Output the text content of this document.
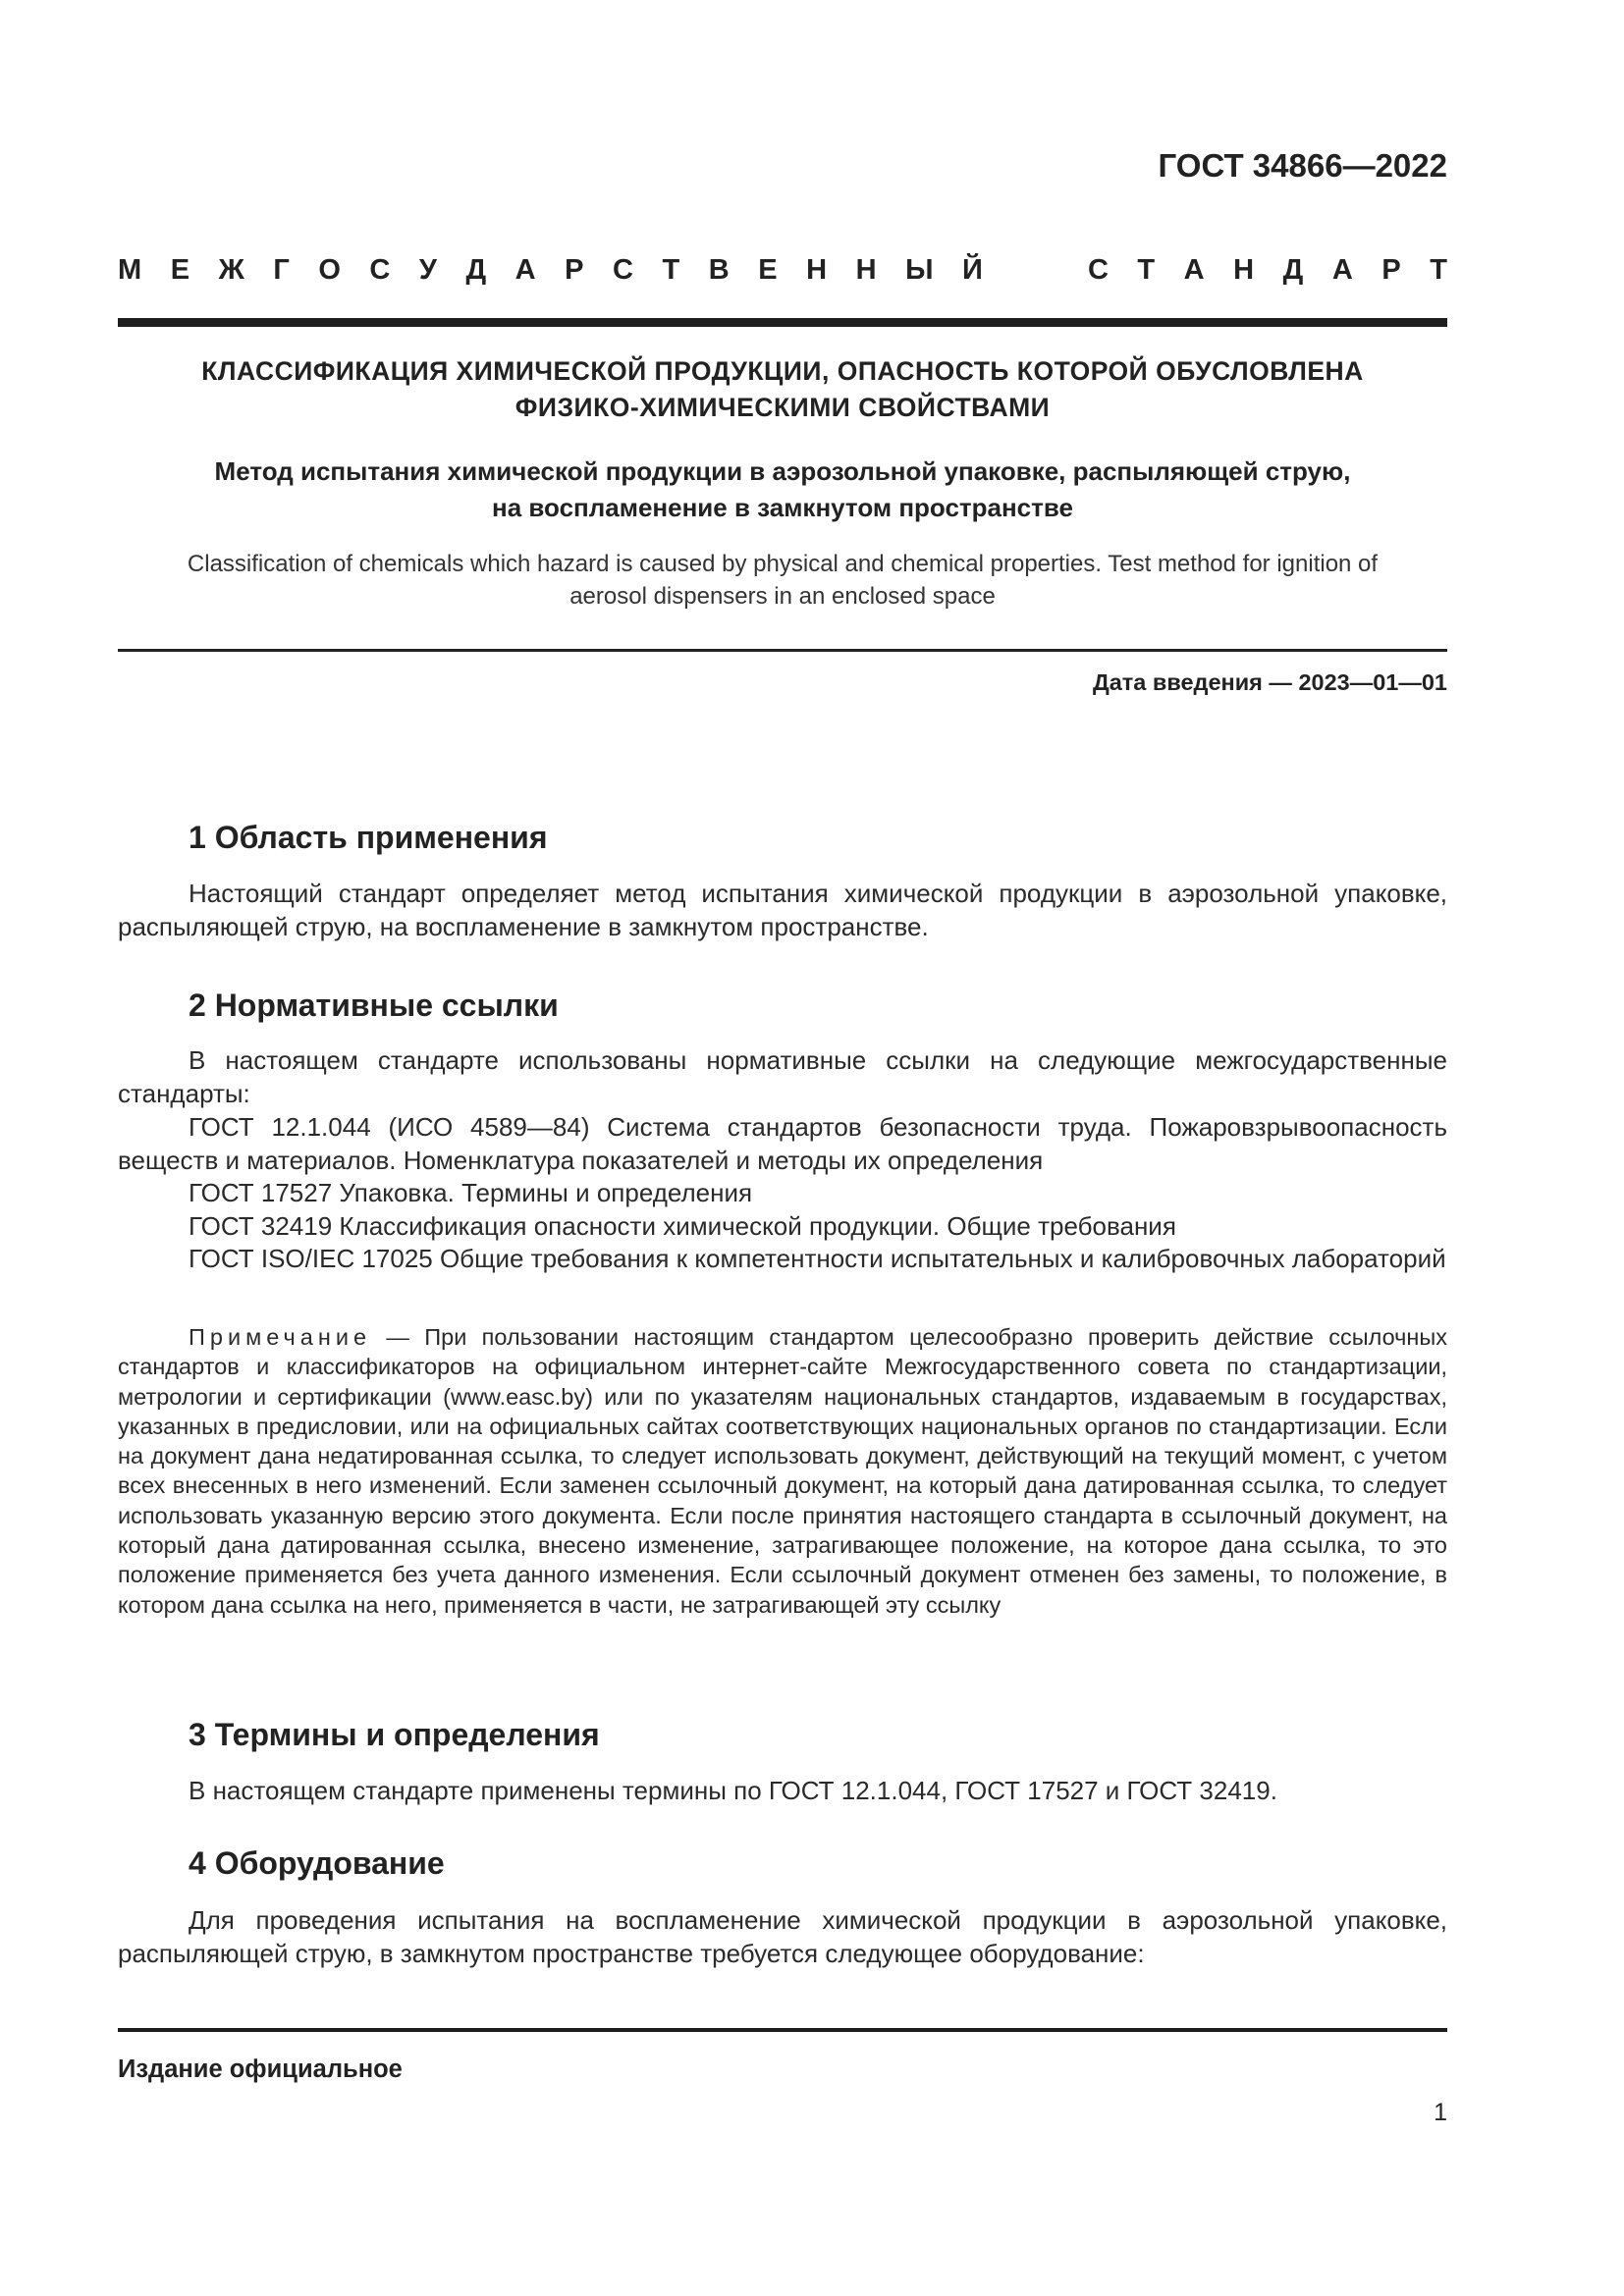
ГОСТ 34866—2022
М Е Ж Г О С У Д А Р С Т В Е Н Н Ы Й	С Т А Н Д А Р Т
КЛАССИФИКАЦИЯ ХИМИЧЕСКОЙ ПРОДУКЦИИ, ОПАСНОСТЬ КОТОРОЙ ОБУСЛОВЛЕНА
ФИЗИКО-ХИМИЧЕСКИМИ СВОЙСТВАМИ
Метод испытания химической продукции в аэрозольной упаковке, распыляющей струю,
на воспламенение в замкнутом пространстве
Classification of chemicals which hazard is caused by physical and chemical properties. Test method for ignition of
aerosol dispensers in an enclosed space
Дата введения — 2023—01—01
1 Область применения
Настоящий стандарт определяет метод испытания химической продукции в аэрозольной упаковке, распыляющей струю, на воспламенение в замкнутом пространстве.
2 Нормативные ссылки
В настоящем стандарте использованы нормативные ссылки на следующие межгосударственные стандарты:
ГОСТ 12.1.044 (ИСО 4589—84) Система стандартов безопасности труда. Пожаровзрывоопасность веществ и материалов. Номенклатура показателей и методы их определения
ГОСТ 17527 Упаковка. Термины и определения
ГОСТ 32419 Классификация опасности химической продукции. Общие требования
ГОСТ ISO/IEC 17025 Общие требования к компетентности испытательных и калибровочных лабораторий
Примечание — При пользовании настоящим стандартом целесообразно проверить действие ссылочных стандартов и классификаторов на официальном интернет-сайте Межгосударственного совета по стандартизации, метрологии и сертификации (www.easc.by) или по указателям национальных стандартов, издаваемым в государствах, указанных в предисловии, или на официальных сайтах соответствующих национальных органов по стандартизации. Если на документ дана недатированная ссылка, то следует использовать документ, действующий на текущий момент, с учетом всех внесенных в него изменений. Если заменен ссылочный документ, на который дана датированная ссылка, то следует использовать указанную версию этого документа. Если после принятия настоящего стандарта в ссылочный документ, на который дана датированная ссылка, внесено изменение, затрагивающее положение, на которое дана ссылка, то это положение применяется без учета данного изменения. Если ссылочный документ отменен без замены, то положение, в котором дана ссылка на него, применяется в части, не затрагивающей эту ссылку
3 Термины и определения
В настоящем стандарте применены термины по ГОСТ 12.1.044, ГОСТ 17527 и ГОСТ 32419.
4 Оборудование
Для проведения испытания на воспламенение химической продукции в аэрозольной упаковке, распыляющей струю, в замкнутом пространстве требуется следующее оборудование:
Издание официальное
1
